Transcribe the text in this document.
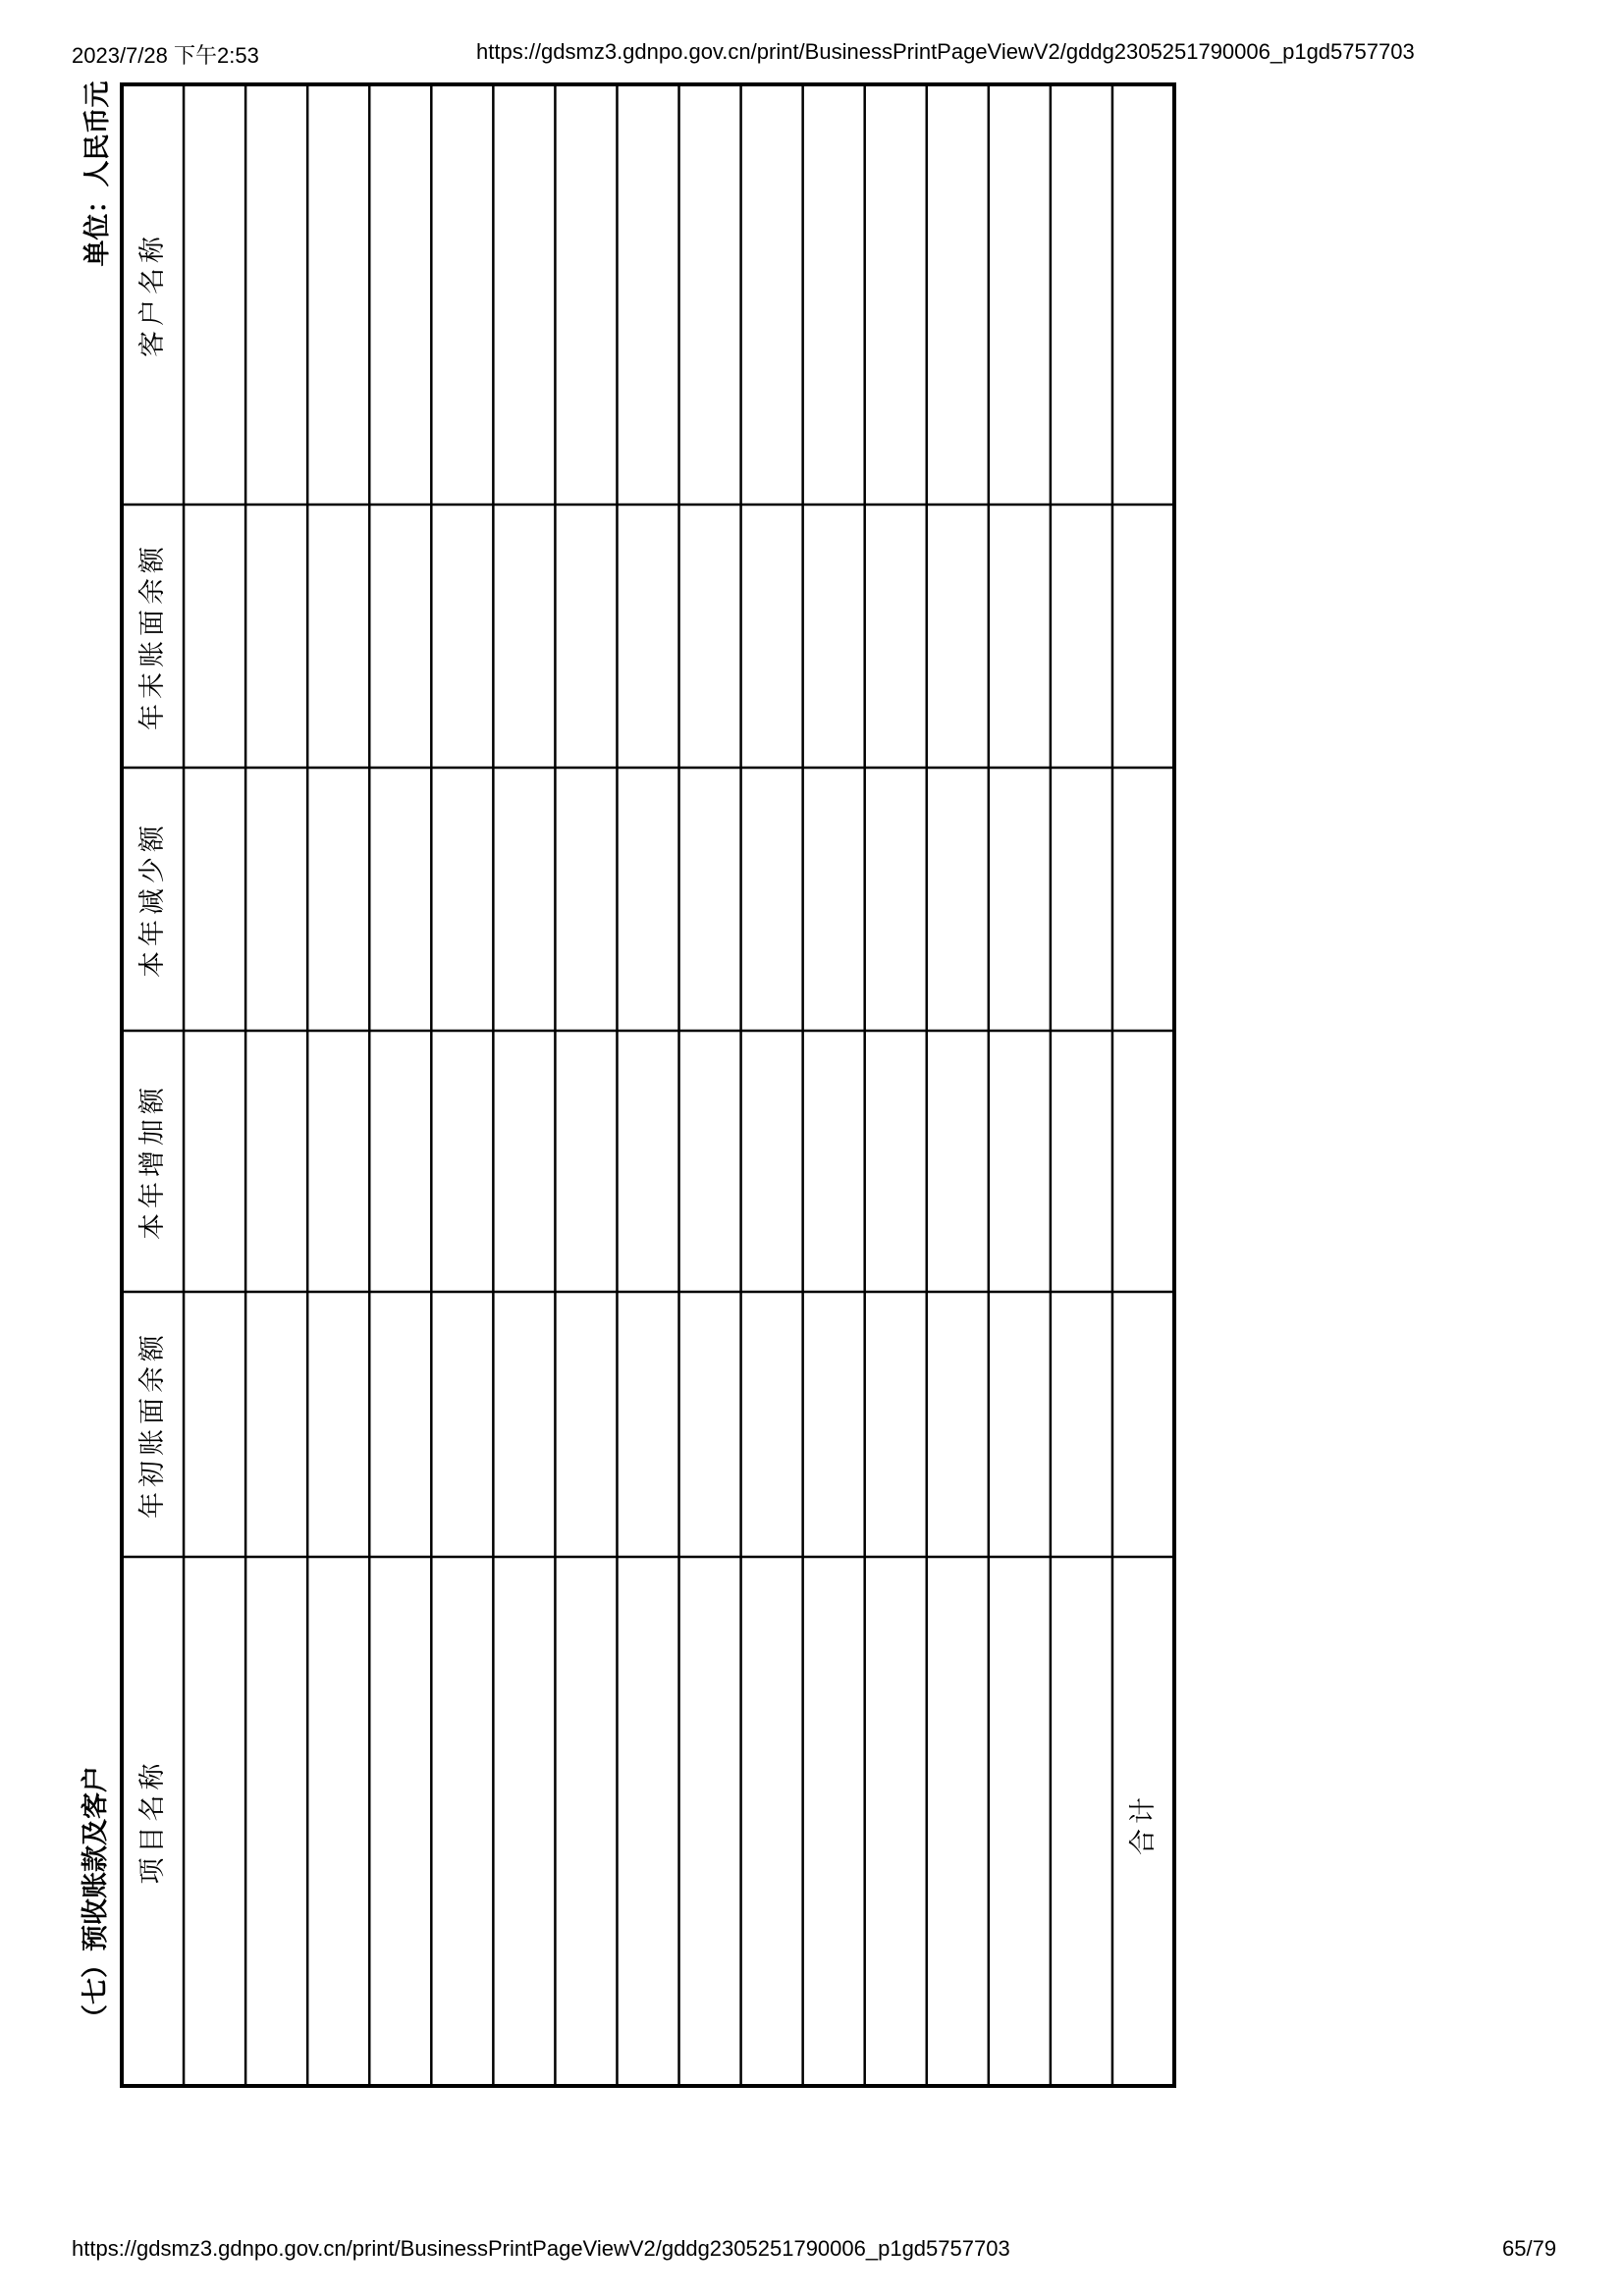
2023/7/28 下午2:53	https://gdsmz3.gdnpo.gov.cn/print/BusinessPrintPageViewV2/gddg2305251790006_p1gd5757703
（七）预收账款及客户
单位：人民币元
项目名称
年初账面余额
本年增加额
本年减少额
年末账面余额
客户名称
合计
https://gdsmz3.gdnpo.gov.cn/print/BusinessPrintPageViewV2/gddg2305251790006_p1gd5757703	65/79
